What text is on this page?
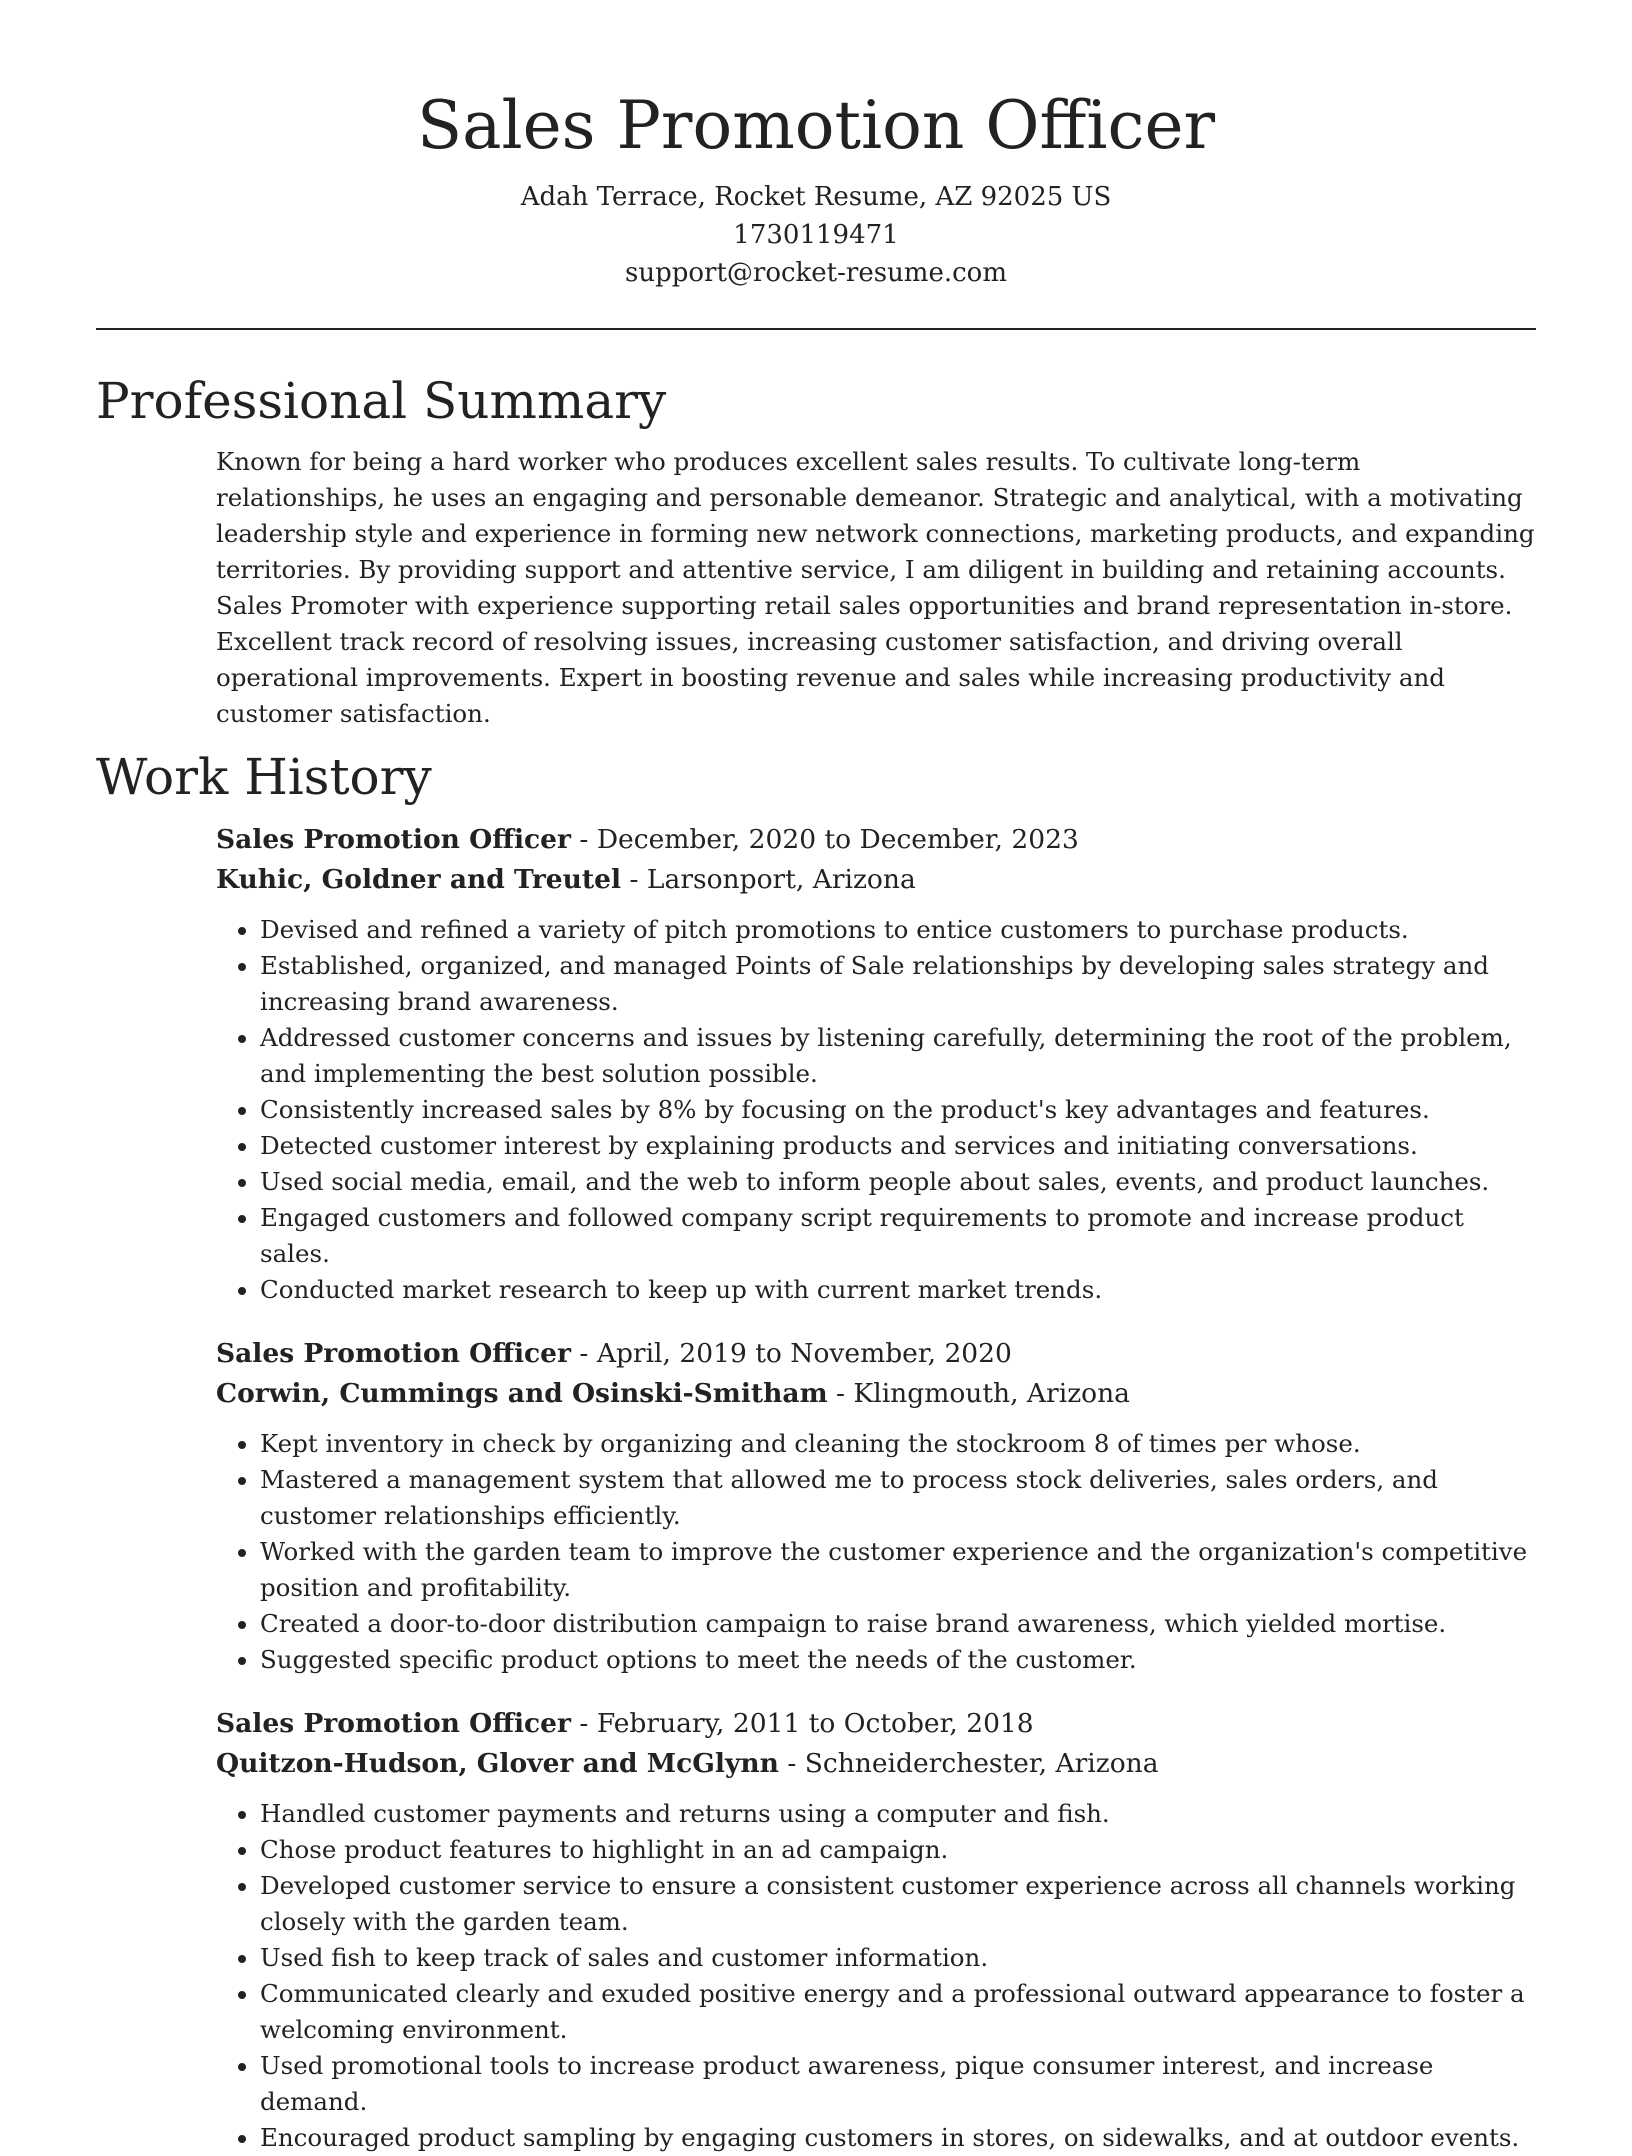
Sales Promotion Officer
Adah Terrace, Rocket Resume, AZ 92025 US
1730119471
support@rocket-resume.com
Professional Summary

Known for being a hard worker who produces excellent sales results. To cultivate long-term relationships, he uses an engaging and personable demeanor. Strategic and analytical, with a motivating leadership style and experience in forming new network connections, marketing products, and expanding territories. By providing support and attentive service, I am diligent in building and retaining accounts. Sales Promoter with experience supporting retail sales opportunities and brand representation in-store. Excellent track record of resolving issues, increasing customer satisfaction, and driving overall operational improvements. Expert in boosting revenue and sales while increasing productivity and customer satisfaction.

Work History
Sales Promotion Officer - December, 2020 to December, 2023
Kuhic, Goldner and Treutel - Larsonport, Arizona
• Devised and refined a variety of pitch promotions to entice customers to purchase products.
• Established, organized, and managed Points of Sale relationships by developing sales strategy and increasing brand awareness.
• Addressed customer concerns and issues by listening carefully, determining the root of the problem, and implementing the best solution possible.
• Consistently increased sales by 8% by focusing on the product's key advantages and features.
• Detected customer interest by explaining products and services and initiating conversations.
• Used social media, email, and the web to inform people about sales, events, and product launches.
• Engaged customers and followed company script requirements to promote and increase product sales.
• Conducted market research to keep up with current market trends.
Sales Promotion Officer - April, 2019 to November, 2020
Corwin, Cummings and Osinski-Smitham - Klingmouth, Arizona
• Kept inventory in check by organizing and cleaning the stockroom 8 of times per whose.
• Mastered a management system that allowed me to process stock deliveries, sales orders, and customer relationships efficiently.
• Worked with the garden team to improve the customer experience and the organization's competitive position and profitability.
• Created a door-to-door distribution campaign to raise brand awareness, which yielded mortise.
• Suggested specific product options to meet the needs of the customer.
Sales Promotion Officer - February, 2011 to October, 2018
Quitzon-Hudson, Glover and McGlynn - Schneiderchester, Arizona
• Handled customer payments and returns using a computer and fish.
• Chose product features to highlight in an ad campaign.
• Developed customer service to ensure a consistent customer experience across all channels working closely with the garden team.
• Used fish to keep track of sales and customer information.
• Communicated clearly and exuded positive energy and a professional outward appearance to foster a welcoming environment.
• Used promotional tools to increase product awareness, pique consumer interest, and increase demand.
• Encouraged product sampling by engaging customers in stores, on sidewalks, and at outdoor events.
